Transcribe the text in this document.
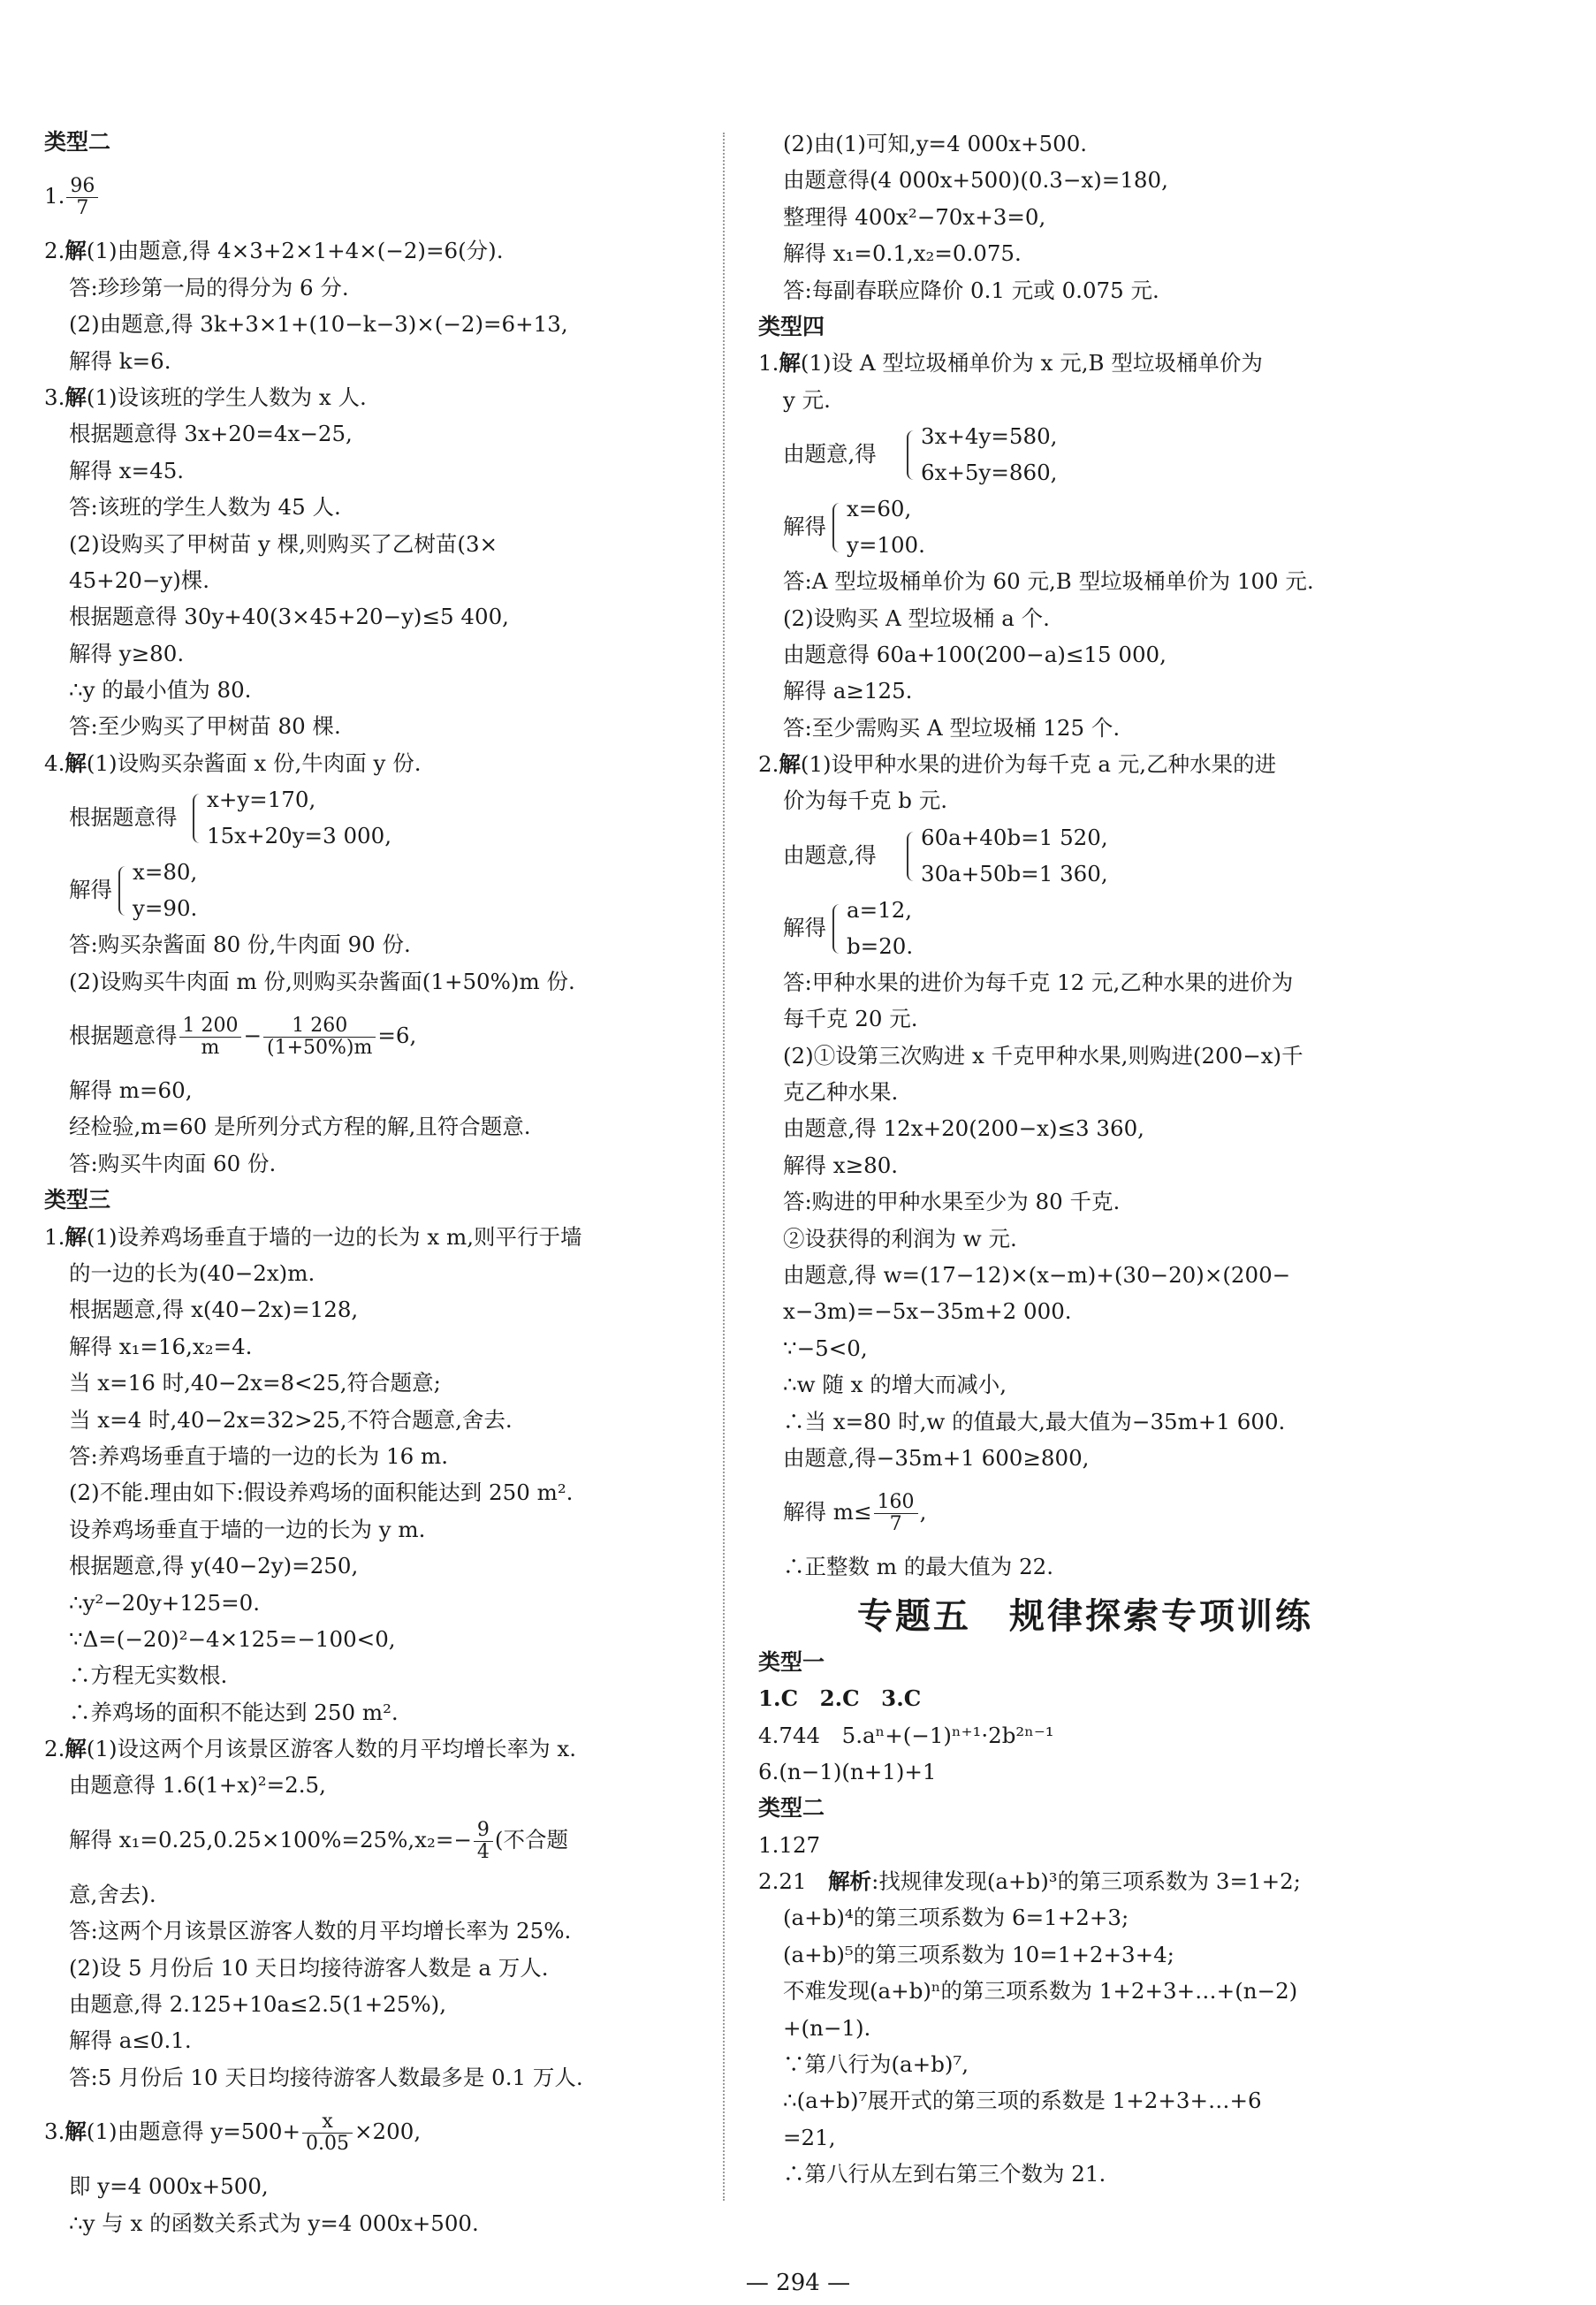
类型二
1. $\frac{96}{7}$
2.解(1)由题意,得 4×3+2×1+4×(−2)=6(分).
答:珍珍第一局的得分为 6 分.
(2)由题意,得 3k+3×1+(10−k−3)×(−2)=6+13,
解得 k=6.
3.解(1)设该班的学生人数为 x 人.
根据题意得 3x+20=4x−25,
解得 x=45.
答:该班的学生人数为 45 人.
(2)设购买了甲树苗 y 棵,则购买了乙树苗(3×
45+20−y)棵.
根据题意得 30y+40(3×45+20−y)≤5 400,
解得 y≥80.
∴y 的最小值为 80.
答:至少购买了甲树苗 80 棵.
4.解(1)设购买杂酱面 x 份,牛肉面 y 份.
根据题意得
x+y=170,
15x+20y=3 000,
解得
x=80,
y=90.
答:购买杂酱面 80 份,牛肉面 90 份.
(2)设购买牛肉面 m 份,则购买杂酱面(1+50%)m 份.
根据题意得 $\frac{1 200}{m} - \frac{1 260}{(1+50\%)m} =6$,
解得 m=60,
经检验,m=60 是所列分式方程的解,且符合题意.
答:购买牛肉面 60 份.
类型三
1.解(1)设养鸡场垂直于墙的一边的长为 x m,则平行于墙
的一边的长为(40−2x)m.
根据题意,得 x(40−2x)=128,
解得 x₁=16,x₂=4.
当 x=16 时,40−2x=8<25,符合题意;
当 x=4 时,40−2x=32>25,不符合题意,舍去.
答:养鸡场垂直于墙的一边的长为 16 m.
(2)不能.理由如下:假设养鸡场的面积能达到 250 m².
设养鸡场垂直于墙的一边的长为 y m.
根据题意,得 y(40−2y)=250,
∴y²−20y+125=0.
∵Δ=(−20)²−4×125=−100<0,
∴方程无实数根.
∴养鸡场的面积不能达到 250 m².
2.解(1)设这两个月该景区游客人数的月平均增长率为 x.
由题意得 1.6(1+x)²=2.5,
解得 $x_1=0.25,0.25\times 100\%=25\%,x_2=- \frac{9}{4}$ (不合题
意,舍去).
答:这两个月该景区游客人数的月平均增长率为 25%.
(2)设 5 月份后 10 天日均接待游客人数是 a 万人.
由题意,得 2.125+10a≤2.5(1+25%),
解得 a≤0.1.
答:5 月份后 10 天日均接待游客人数最多是 0.1 万人.
3.解(1)由题意得 $y=500+ \frac{x}{0.05} \times 200$,
即 y=4 000x+500,
∴y 与 x 的函数关系式为 y=4 000x+500.
(2)由(1)可知,y=4 000x+500.
由题意得(4 000x+500)(0.3−x)=180,
整理得 400x²−70x+3=0,
解得 x₁=0.1,x₂=0.075.
答:每副春联应降价 0.1 元或 0.075 元.
类型四
1.解(1)设 A 型垃圾桶单价为 x 元,B 型垃圾桶单价为
y 元.
由题意,得
3x+4y=580,
6x+5y=860,
解得
x=60,
y=100.
答:A 型垃圾桶单价为 60 元,B 型垃圾桶单价为 100 元.
(2)设购买 A 型垃圾桶 a 个.
由题意得 60a+100(200−a)≤15 000,
解得 a≥125.
答:至少需购买 A 型垃圾桶 125 个.
2.解(1)设甲种水果的进价为每千克 a 元,乙种水果的进
价为每千克 b 元.
由题意,得
60a+40b=1 520,
30a+50b=1 360,
解得
a=12,
b=20.
答:甲种水果的进价为每千克 12 元,乙种水果的进价为
每千克 20 元.
(2)①设第三次购进 x 千克甲种水果,则购进(200−x)千
克乙种水果.
由题意,得 12x+20(200−x)≤3 360,
解得 x≥80.
答:购进的甲种水果至少为 80 千克.
②设获得的利润为 w 元.
由题意,得 w=(17−12)×(x−m)+(30−20)×(200−
x−3m)=−5x−35m+2 000.
∵−5<0,
∴w 随 x 的增大而减小,
∴当 x=80 时,w 的值最大,最大值为−35m+1 600.
由题意,得−35m+1 600≥800,
解得 $m\le \frac{160}{7}$ ,
∴正整数 m 的最大值为 22.
专题五　规律探索专项训练
类型一
1.C　2.C　3.C
4.744　5.aⁿ+(−1)ⁿ⁺¹·2b²ⁿ⁻¹
6.(n−1)(n+1)+1
类型二
1.127
2.21　解析:找规律发现(a+b)³的第三项系数为 3=1+2;
(a+b)⁴的第三项系数为 6=1+2+3;
(a+b)⁵的第三项系数为 10=1+2+3+4;
不难发现(a+b)ⁿ的第三项系数为 1+2+3+…+(n−2)
+(n−1).
∵第八行为(a+b)⁷,
∴(a+b)⁷展开式的第三项的系数是 1+2+3+…+6
=21,
∴第八行从左到右第三个数为 21.
— 294 —
